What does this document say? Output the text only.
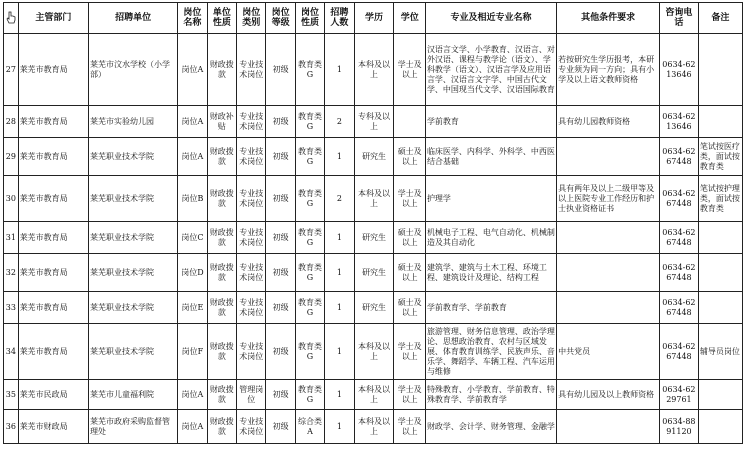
	主管部门	招聘单位	岗位名称	单位性质	岗位类别	岗位等级	岗位性质	招聘人数	学历	学位	专业及相近专业名称	其他条件要求	咨询电话	备注
27	莱芜市教育局	莱芜市汶水学校（小学部）	岗位A	财政拨款	专业技术岗位	初级	教育类G	1	本科及以上	学士及以上	汉语言文学、小学教育、汉语言、对外汉语、课程与教学论（语文）、学科教学（语文）、汉语言学及应用语言学、汉语言文字学、中国古代文学、中国现当代文学、汉语国际教育	若按研究生学历报考，本研专业须为同一方向；具有小学及以上语文教师资格	0634-6213646	
28	莱芜市教育局	莱芜市实验幼儿园	岗位A	财政补贴	专业技术岗位	初级	教育类G	2	专科及以上		学前教育	具有幼儿园教师资格	0634-6213646	
29	莱芜市教育局	莱芜职业技术学院	岗位A	财政拨款	专业技术岗位	初级	教育类G	1	研究生	硕士及以上	临床医学、内科学、外科学、中西医结合基础		0634-6267448	笔试按医疗类，面试按教育类
30	莱芜市教育局	莱芜职业技术学院	岗位B	财政拨款	专业技术岗位	初级	教育类G	2	本科及以上	学士及以上	护理学	具有两年及以上二级甲等及以上医院专业工作经历和护士执业资格证书	0634-6267448	笔试按护理类，面试按教育类
31	莱芜市教育局	莱芜职业技术学院	岗位C	财政拨款	专业技术岗位	初级	教育类G	1	研究生	硕士及以上	机械电子工程、电气自动化、机械制造及其自动化		0634-6267448	
32	莱芜市教育局	莱芜职业技术学院	岗位D	财政拨款	专业技术岗位	初级	教育类G	1	研究生	硕士及以上	建筑学、建筑与土木工程、环境工程、建筑设计及理论、结构工程		0634-6267448	
33	莱芜市教育局	莱芜职业技术学院	岗位E	财政拨款	专业技术岗位	初级	教育类G	1	研究生	硕士及以上	学前教育学、学前教育		0634-6267448	
34	莱芜市教育局	莱芜职业技术学院	岗位F	财政拨款	专业技术岗位	初级	教育类G	1	本科及以上	学士及以上	旅游管理、财务信息管理、政治学理论、思想政治教育、农村与区域发展、体育教育训练学、民族声乐、音乐学、舞蹈学、车辆工程、汽车运用与维修	中共党员	0634-6267448	辅导员岗位
35	莱芜市民政局	莱芜市儿童福利院	岗位A	财政拨款	管理岗位	初级	教育类G	1	本科及以上	学士及以上	特殊教育、小学教育、学前教育、特殊教育学、学前教育学	具有幼儿园及以上教师资格	0634-6229761	
36	莱芜市财政局	莱芜市政府采购监督管理处	岗位A	财政拨款	专业技术岗位	初级	综合类A	1	本科及以上	学士及以上	财政学、会计学、财务管理、金融学		0634-8891120	
